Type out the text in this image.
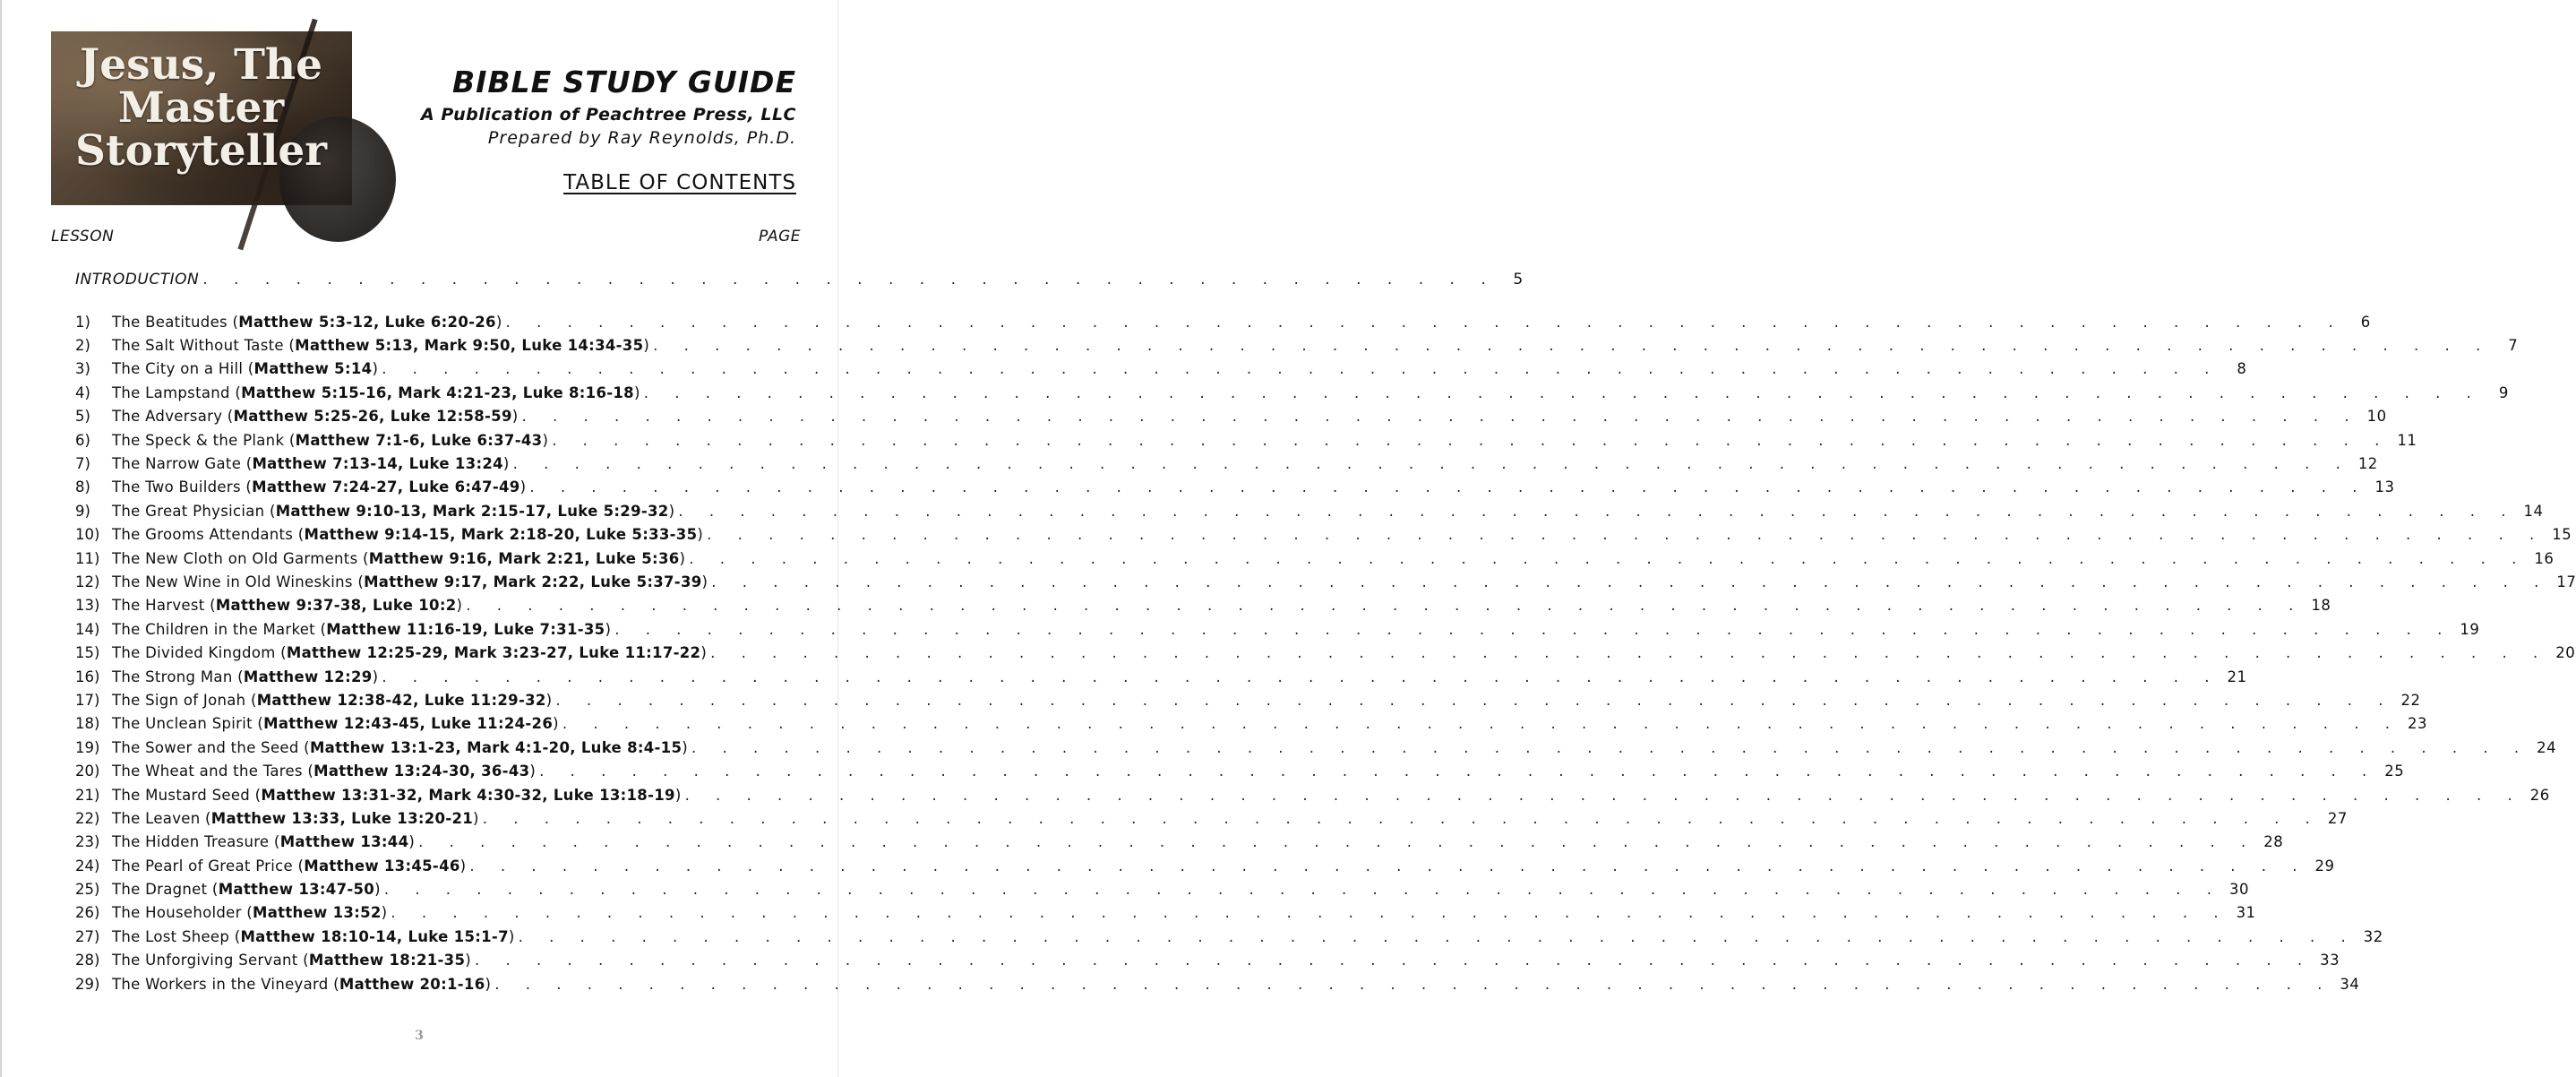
Jesus, The
Master
Storyteller

BIBLE STUDY GUIDE

A Publication of Peachtree Press, LLC

Prepared by Ray Reynolds, Ph.D.

TABLE OF CONTENTS

LESSON	PAGE

INTRODUCTION . . . . . . . . . . . . . . . . . . . . . . . . . . . . . . . . . . . . . . . . . .	5
1)	The Beatitudes (Matthew 5:3-12, Luke 6:20-26) . . . . . . . . . . . . . . . . . . . . . . . . . . . . . . . . . . . . . . . . . . . . . . . . . . . . . . . . . . . .	6
2)	The Salt Without Taste (Matthew 5:13, Mark 9:50, Luke 14:34-35) . . . . . . . . . . . . . . . . . . . . . . . . . . . . . . . . . . . . . . . . . . . . . . . . . . . . . . . . . . . .	7
3)	The City on a Hill (Matthew 5:14) . . . . . . . . . . . . . . . . . . . . . . . . . . . . . . . . . . . . . . . . . . . . . . . . . . . . . . . . . . . .	8
4)	The Lampstand (Matthew 5:15-16, Mark 4:21-23, Luke 8:16-18) . . . . . . . . . . . . . . . . . . . . . . . . . . . . . . . . . . . . . . . . . . . . . . . . . . . . . . . . . . . .	9
5)	The Adversary (Matthew 5:25-26, Luke 12:58-59) . . . . . . . . . . . . . . . . . . . . . . . . . . . . . . . . . . . . . . . . . . . . . . . . . . . . . . . . . . . . 10
6)	The Speck & the Plank (Matthew 7:1-6, Luke 6:37-43) . . . . . . . . . . . . . . . . . . . . . . . . . . . . . . . . . . . . . . . . . . . . . . . . . . . . . . . . . . . . 11
7)	The Narrow Gate (Matthew 7:13-14, Luke 13:24) . . . . . . . . . . . . . . . . . . . . . . . . . . . . . . . . . . . . . . . . . . . . . . . . . . . . . . . . . . . . 12
8)	The Two Builders (Matthew 7:24-27, Luke 6:47-49) . . . . . . . . . . . . . . . . . . . . . . . . . . . . . . . . . . . . . . . . . . . . . . . . . . . . . . . . . . . . 13
9)	The Great Physician (Matthew 9:10-13, Mark 2:15-17, Luke 5:29-32) . . . . . . . . . . . . . . . . . . . . . . . . . . . . . . . . . . . . . . . . . . . . . . . . . . . . . . . . . . . . 14
10) The Grooms Attendants (Matthew 9:14-15, Mark 2:18-20, Luke 5:33-35) . . . . . . . . . . . . . . . . . . . . . . . . . . . . . . . . . . . . . . . . . . . . . . . . . . . . . . . . . . . . 15
11) The New Cloth on Old Garments (Matthew 9:16, Mark 2:21, Luke 5:36) . . . . . . . . . . . . . . . . . . . . . . . . . . . . . . . . . . . . . . . . . . . . . . . . . . . . . . . . . . . . 16
12) The New Wine in Old Wineskins (Matthew 9:17, Mark 2:22, Luke 5:37-39) . . . . . . . . . . . . . . . . . . . . . . . . . . . . . . . . . . . . . . . . . . . . . . . . . . . . . . . . . . . . 17
13) The Harvest (Matthew 9:37-38, Luke 10:2) . . . . . . . . . . . . . . . . . . . . . . . . . . . . . . . . . . . . . . . . . . . . . . . . . . . . . . . . . . . . 18
14) The Children in the Market (Matthew 11:16-19, Luke 7:31-35) . . . . . . . . . . . . . . . . . . . . . . . . . . . . . . . . . . . . . . . . . . . . . . . . . . . . . . . . . . . . 19
15) The Divided Kingdom (Matthew 12:25-29, Mark 3:23-27, Luke 11:17-22) . . . . . . . . . . . . . . . . . . . . . . . . . . . . . . . . . . . . . . . . . . . . . . . . . . . . . . . . . . . . 20
16) The Strong Man (Matthew 12:29) . . . . . . . . . . . . . . . . . . . . . . . . . . . . . . . . . . . . . . . . . . . . . . . . . . . . . . . . . . . . 21
17) The Sign of Jonah (Matthew 12:38-42, Luke 11:29-32) . . . . . . . . . . . . . . . . . . . . . . . . . . . . . . . . . . . . . . . . . . . . . . . . . . . . . . . . . . . . 22
18) The Unclean Spirit (Matthew 12:43-45, Luke 11:24-26) . . . . . . . . . . . . . . . . . . . . . . . . . . . . . . . . . . . . . . . . . . . . . . . . . . . . . . . . . . . . 23
19) The Sower and the Seed (Matthew 13:1-23, Mark 4:1-20, Luke 8:4-15) . . . . . . . . . . . . . . . . . . . . . . . . . . . . . . . . . . . . . . . . . . . . . . . . . . . . . . . . . . . . 24
20) The Wheat and the Tares (Matthew 13:24-30, 36-43) . . . . . . . . . . . . . . . . . . . . . . . . . . . . . . . . . . . . . . . . . . . . . . . . . . . . . . . . . . . . 25
21) The Mustard Seed (Matthew 13:31-32, Mark 4:30-32, Luke 13:18-19) . . . . . . . . . . . . . . . . . . . . . . . . . . . . . . . . . . . . . . . . . . . . . . . . . . . . . . . . . . . . 26
22) The Leaven (Matthew 13:33, Luke 13:20-21) . . . . . . . . . . . . . . . . . . . . . . . . . . . . . . . . . . . . . . . . . . . . . . . . . . . . . . . . . . . . 27
23) The Hidden Treasure (Matthew 13:44) . . . . . . . . . . . . . . . . . . . . . . . . . . . . . . . . . . . . . . . . . . . . . . . . . . . . . . . . . . . . 28
24) The Pearl of Great Price (Matthew 13:45-46) . . . . . . . . . . . . . . . . . . . . . . . . . . . . . . . . . . . . . . . . . . . . . . . . . . . . . . . . . . . . 29
25) The Dragnet (Matthew 13:47-50) . . . . . . . . . . . . . . . . . . . . . . . . . . . . . . . . . . . . . . . . . . . . . . . . . . . . . . . . . . . . 30
26) The Householder (Matthew 13:52) . . . . . . . . . . . . . . . . . . . . . . . . . . . . . . . . . . . . . . . . . . . . . . . . . . . . . . . . . . . . 31
27) The Lost Sheep (Matthew 18:10-14, Luke 15:1-7) . . . . . . . . . . . . . . . . . . . . . . . . . . . . . . . . . . . . . . . . . . . . . . . . . . . . . . . . . . . . 32
28) The Unforgiving Servant (Matthew 18:21-35) . . . . . . . . . . . . . . . . . . . . . . . . . . . . . . . . . . . . . . . . . . . . . . . . . . . . . . . . . . . . 33
29) The Workers in the Vineyard (Matthew 20:1-16) . . . . . . . . . . . . . . . . . . . . . . . . . . . . . . . . . . . . . . . . . . . . . . . . . . . . . . . . . . . . 34

3
